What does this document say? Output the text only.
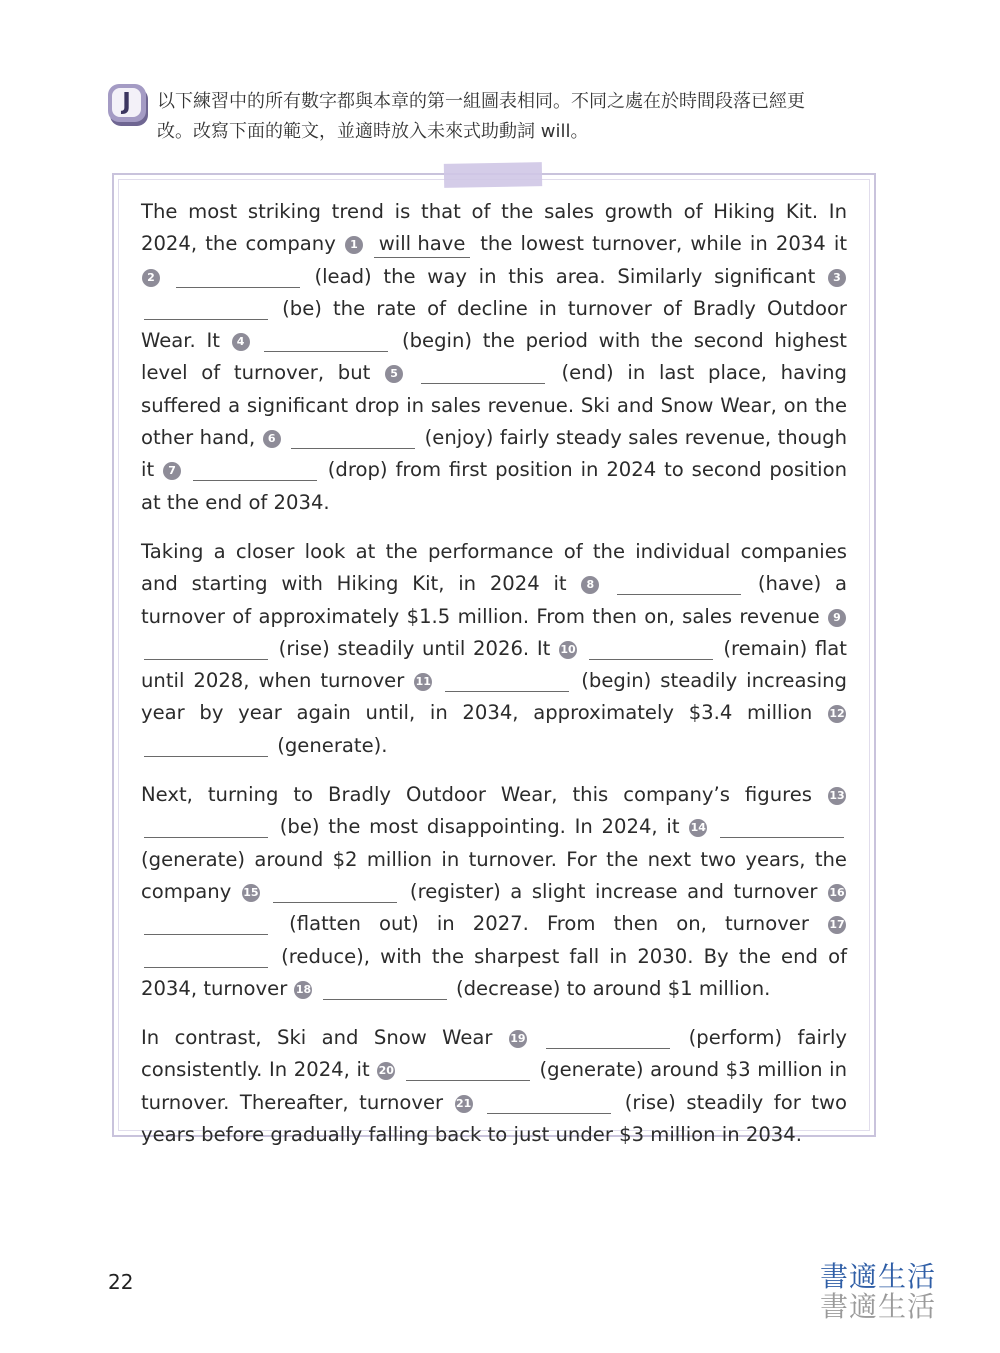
J	以下練習中的所有數字都與本章的第一組圖表相同。不同之處在於時間段落已經更

改。改寫下面的範文，並適時放入未來式助動詞 will。

The most striking trend is that of the sales growth of Hiking Kit. In 2024, the company 1 will have the lowest turnover, while in 2034 it 2	(lead) the way in this area. Similarly significant 3  (be) the rate of decline in turnover of Bradly Outdoor Wear. It 4	(begin) the period with the second highest level of turnover, but 5	(end) in last place, having suffered a significant drop in sales revenue. Ski and Snow Wear, on the other hand, 6	(enjoy) fairly steady sales revenue, though it 7	(drop) from first position in 2024 to second position at the end of 2034.

Taking a closer look at the performance of the individual companies and starting with Hiking Kit, in 2024 it 8	(have) a turnover of approximately $1.5 million. From then on, sales revenue 9  (rise) steadily until 2026. It 10	(remain) flat until 2028, when turnover 11	(begin) steadily increasing year by year again until, in 2034, approximately $3.4 million 12  (generate).

Next, turning to Bradly Outdoor Wear, this company’s figures 13  (be) the most disappointing. In 2024, it 14  (generate) around $2 million in turnover. For the next two years, the company 15	(register) a slight increase and turnover 16  (flatten out) in 2027. From then on, turnover 17  (reduce), with the sharpest fall in 2030. By the end of 2034, turnover 18	(decrease) to around $1 million.

In contrast, Ski and Snow Wear 19	(perform) fairly consistently. In 2024, it 20	(generate) around $3 million in turnover. Thereafter, turnover 21	(rise) steadily for two years before gradually falling back to just under $3 million in 2034.

22	書適生活
書適生活
